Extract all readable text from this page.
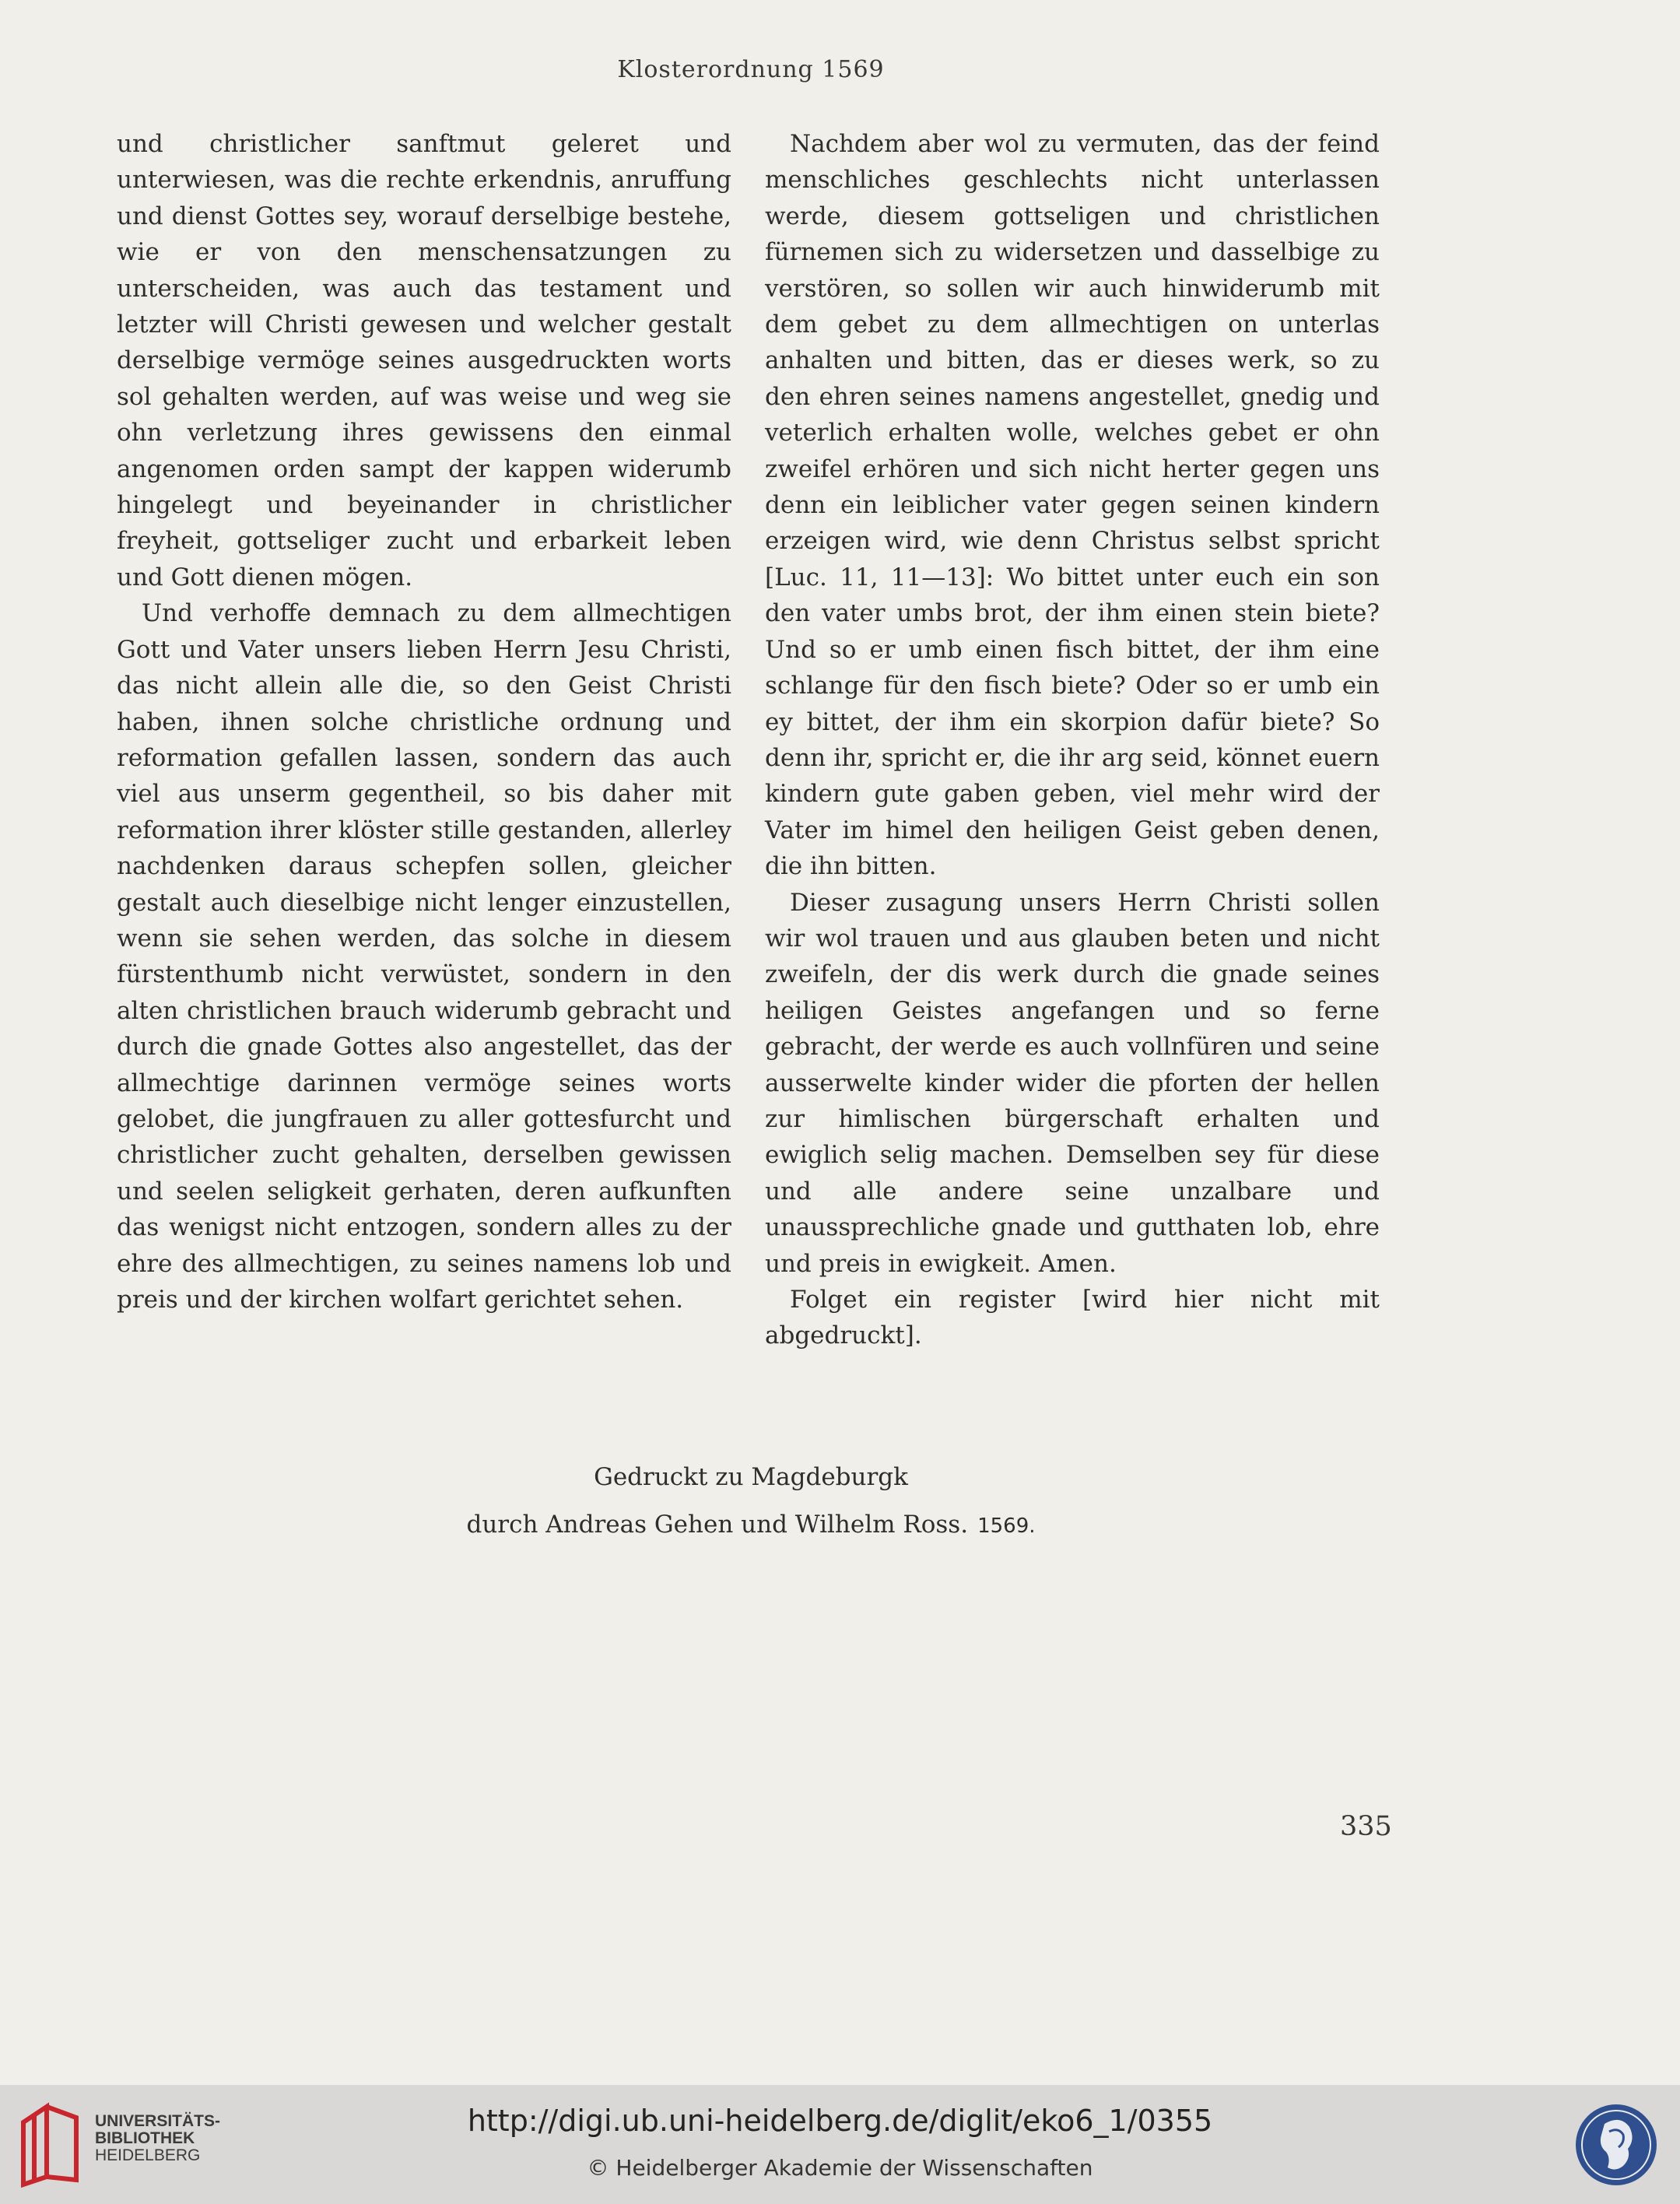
Klosterordnung 1569

und christlicher sanftmut geleret und unterwiesen, was die rechte erkendnis, anruffung und dienst Gottes sey, worauf derselbige bestehe, wie er von den menschensatzungen zu unterscheiden, was auch das testament und letzter will Christi gewesen und welcher gestalt derselbige vermöge seines ausgedruckten worts sol gehalten werden, auf was weise und weg sie ohn verletzung ihres gewissens den einmal angenomen orden sampt der kappen widerumb hingelegt und beyeinander in christlicher freyheit, gottseliger zucht und erbarkeit leben und Gott dienen mögen.

Und verhoffe demnach zu dem allmechtigen Gott und Vater unsers lieben Herrn Jesu Christi, das nicht allein alle die, so den Geist Christi haben, ihnen solche christliche ordnung und reformation gefallen lassen, sondern das auch viel aus unserm gegentheil, so bis daher mit reformation ihrer klöster stille gestanden, allerley nachdenken daraus schepfen sollen, gleicher gestalt auch dieselbige nicht lenger einzustellen, wenn sie sehen werden, das solche in diesem fürstenthumb nicht verwüstet, sondern in den alten christlichen brauch widerumb gebracht und durch die gnade Gottes also angestellet, das der allmechtige darinnen vermöge seines worts gelobet, die jungfrauen zu aller gottesfurcht und christlicher zucht gehalten, derselben gewissen und seelen seligkeit gerhaten, deren aufkunften das wenigst nicht entzogen, sondern alles zu der ehre des allmechtigen, zu seines namens lob und preis und der kirchen wolfart gerichtet sehen.

Nachdem aber wol zu vermuten, das der feind menschliches geschlechts nicht unterlassen werde, diesem gottseligen und christlichen fürnemen sich zu widersetzen und dasselbige zu verstören, so sollen wir auch hinwiderumb mit dem gebet zu dem allmechtigen on unterlas anhalten und bitten, das er dieses werk, so zu den ehren seines namens angestellet, gnedig und veterlich erhalten wolle, welches gebet er ohn zweifel erhören und sich nicht herter gegen uns denn ein leiblicher vater gegen seinen kindern erzeigen wird, wie denn Christus selbst spricht [Luc. 11, 11—13]: Wo bittet unter euch ein son den vater umbs brot, der ihm einen stein biete? Und so er umb einen fisch bittet, der ihm eine schlange für den fisch biete? Oder so er umb ein ey bittet, der ihm ein skorpion dafür biete? So denn ihr, spricht er, die ihr arg seid, könnet euern kindern gute gaben geben, viel mehr wird der Vater im himel den heiligen Geist geben denen, die ihn bitten.

Dieser zusagung unsers Herrn Christi sollen wir wol trauen und aus glauben beten und nicht zweifeln, der dis werk durch die gnade seines heiligen Geistes angefangen und so ferne gebracht, der werde es auch vollnfüren und seine ausserwelte kinder wider die pforten der hellen zur himlischen bürgerschaft erhalten und ewiglich selig machen. Demselben sey für diese und alle andere seine unzalbare und unaussprechliche gnade und gutthaten lob, ehre und preis in ewigkeit. Amen.

Folget ein register [wird hier nicht mit abgedruckt].

Gedruckt zu Magdeburgk
durch Andreas Gehen und Wilhelm Ross. 1569.
335
UNIVERSITÄTS-
BIBLIOTHEK
HEIDELBERG
http://digi.ub.uni-heidelberg.de/diglit/eko6_1/0355
© Heidelberger Akademie der Wissenschaften
